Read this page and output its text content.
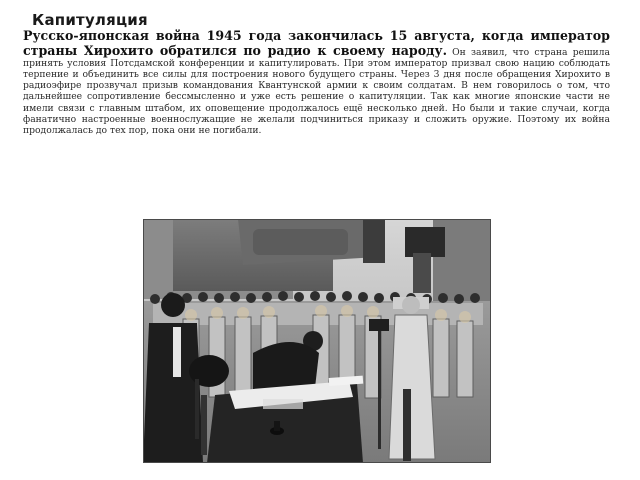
Капитуляция

Русско-японская война 1945 года закончилась 15 августа, когда император страны Хирохито обратился по радио к своему народу. Он заявил, что страна решила принять условия Потсдамской конференции и капитулировать. При этом император призвал свою нацию соблюдать терпение и объединить все силы для построения нового будущего страны. Через 3 дня после обращения Хирохито в радиоэфире прозвучал призыв командования Квантунской армии к своим солдатам. В нем говорилось о том, что дальнейшее сопротивление бессмысленно и уже есть решение о капитуляции. Так как многие японские части не имели связи с главным штабом, их оповещение продолжалось ещё несколько дней. Но были и такие случаи, когда фанатично настроенные военнослужащие не желали подчиниться приказу и сложить оружие. Поэтому их война продолжалась до тех пор, пока они не погибали.
